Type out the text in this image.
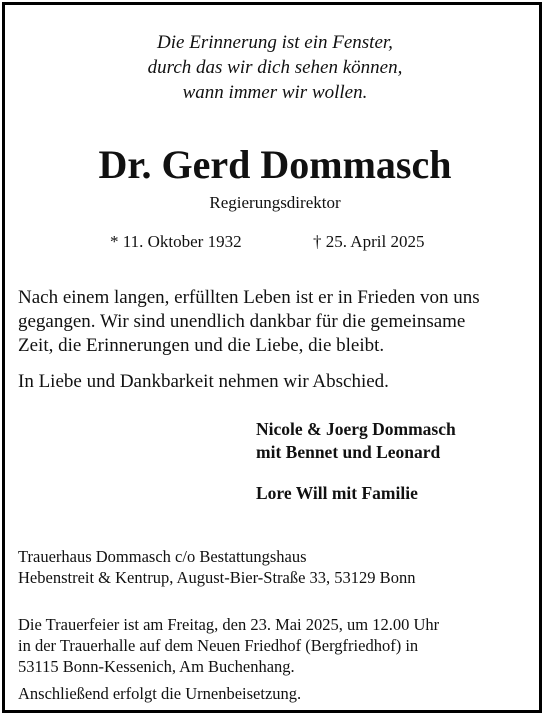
Die Erinnerung ist ein Fenster,
durch das wir dich sehen können,
wann immer wir wollen.
Dr. Gerd Dommasch
Regierungsdirektor
* 11. Oktober 1932	† 25. April 2025
Nach einem langen, erfüllten Leben ist er in Frieden von uns
gegangen. Wir sind unendlich dankbar für die gemeinsame
Zeit, die Erinnerungen und die Liebe, die bleibt.
In Liebe und Dankbarkeit nehmen wir Abschied.
Nicole & Joerg Dommasch
mit Bennet und Leonard
Lore Will mit Familie
Trauerhaus Dommasch c/o Bestattungshaus
Hebenstreit & Kentrup, August-Bier-Straße 33, 53129 Bonn
Die Trauerfeier ist am Freitag, den 23. Mai 2025, um 12.00 Uhr
in der Trauerhalle auf dem Neuen Friedhof (Bergfriedhof) in
53115 Bonn-Kessenich, Am Buchenhang.
Anschließend erfolgt die Urnenbeisetzung.
